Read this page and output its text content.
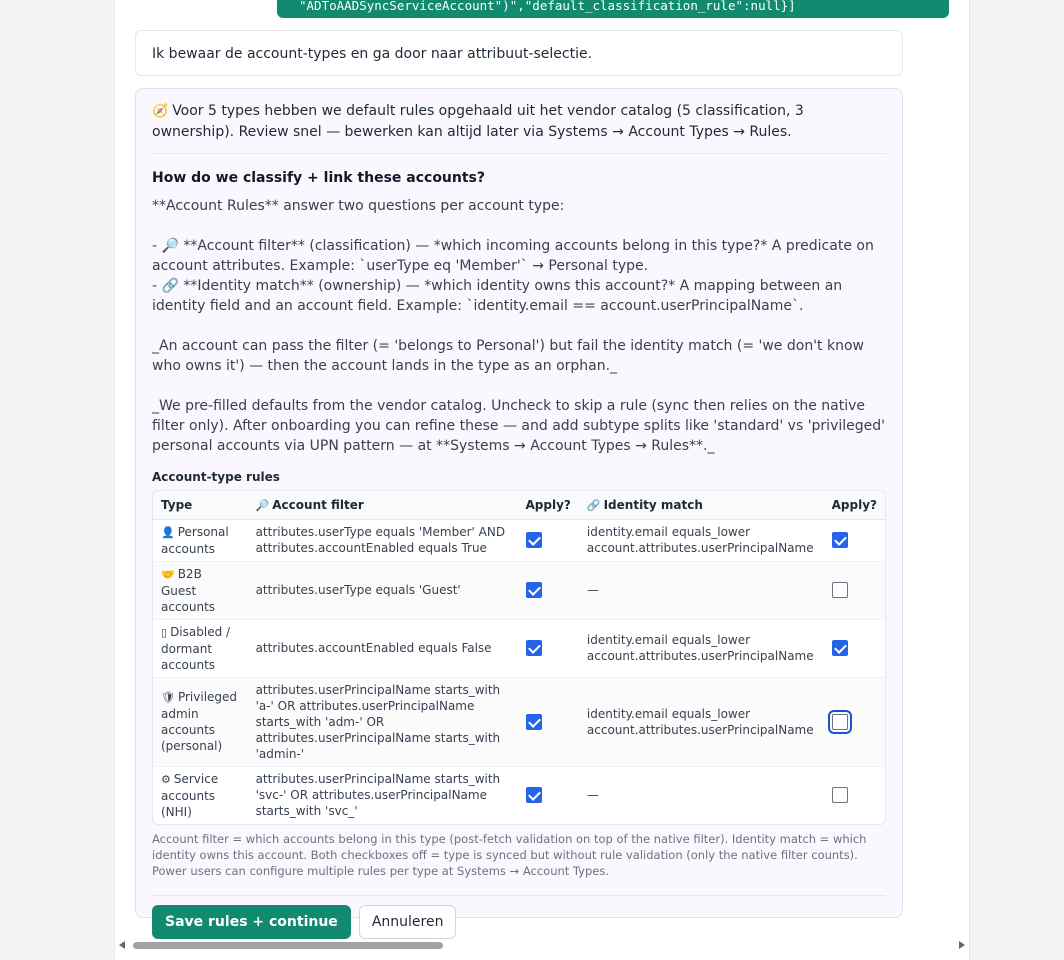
"ADToAADSyncServiceAccount")","default_classification_rule":null}]
Ik bewaar de account-types en ga door naar attribuut-selectie.
🧭 Voor 5 types hebben we default rules opgehaald uit het vendor catalog (5 classification, 3 ownership). Review snel — bewerken kan altijd later via Systems → Account Types → Rules.
How do we classify + link these accounts?
**Account Rules** answer two questions per account type:

- 🔎 **Account filter** (classification) — *which incoming accounts belong in this type?* A predicate on account attributes. Example: `userType eq 'Member'` → Personal type.
- 🔗 **Identity match** (ownership) — *which identity owns this account?* A mapping between an identity field and an account field. Example: `identity.email == account.userPrincipalName`.

_An account can pass the filter (= 'belongs to Personal') but fail the identity match (= 'we don't know who owns it') — then the account lands in the type as an orphan._

_We pre-filled defaults from the vendor catalog. Uncheck to skip a rule (sync then relies on the native filter only). After onboarding you can refine these — and add subtype splits like 'standard' vs 'privileged' personal accounts via UPN pattern — at **Systems → Account Types → Rules**._
Account-type rules
Type	🔎 Account filter	Apply?	🔗 Identity match	Apply?
👤 Personal accounts	attributes.userType equals 'Member' AND attributes.accountEnabled equals True		identity.email equals_lower account.attributes.userPrincipalName	
🤝 B2B Guest accounts	attributes.userType equals 'Guest'		—	
▯ Disabled / dormant accounts	attributes.accountEnabled equals False		identity.email equals_lower account.attributes.userPrincipalName	
🛡 Privileged admin accounts (personal)	attributes.userPrincipalName starts_with 'a-' OR attributes.userPrincipalName starts_with 'adm-' OR attributes.userPrincipalName starts_with 'admin-'		identity.email equals_lower account.attributes.userPrincipalName	
⚙ Service accounts (NHI)	attributes.userPrincipalName starts_with 'svc-' OR attributes.userPrincipalName starts_with 'svc_'		—	
Account filter = which accounts belong in this type (post-fetch validation on top of the native filter). Identity match = which identity owns this account. Both checkboxes off = type is synced but without rule validation (only the native filter counts). Power users can configure multiple rules per type at Systems → Account Types.
Save rules + continue	Annuleren
